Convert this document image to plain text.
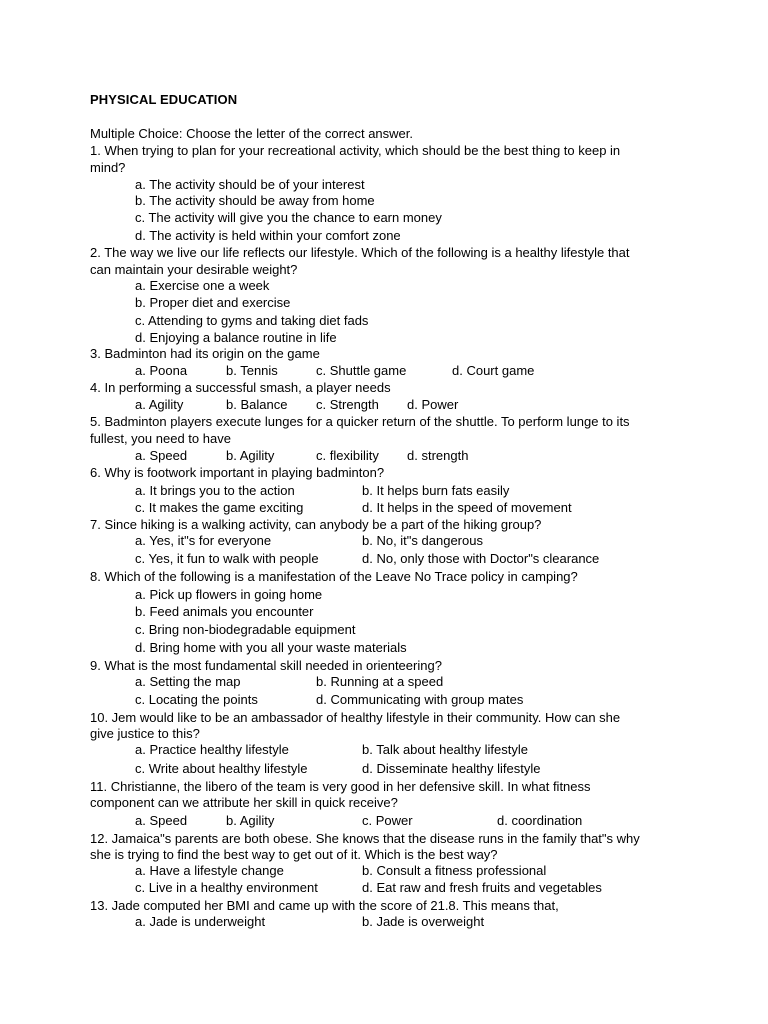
PHYSICAL EDUCATION
Multiple Choice: Choose the letter of the correct answer.
1. When trying to plan for your recreational activity, which should be the best thing to keep in
mind?
a. The activity should be of your interest
b. The activity should be away from home
c. The activity will give you the chance to earn money
d. The activity is held within your comfort zone
2. The way we live our life reflects our lifestyle. Which of the following is a healthy lifestyle that
can maintain your desirable weight?
a. Exercise one a week
b. Proper diet and exercise
c. Attending to gyms and taking diet fads
d. Enjoying a balance routine in life
3. Badminton had its origin on the game
a. Poona	b. Tennis	c. Shuttle game	d. Court game
4. In performing a successful smash, a player needs
a. Agility	b. Balance c. Strength d. Power
5. Badminton players execute lunges for a quicker return of the shuttle. To perform lunge to its
fullest, you need to have
a. Speed	b. Agility	c. flexibility d. strength
6. Why is footwork important in playing badminton?
a. It brings you to the action	b. It helps burn fats easily
c. It makes the game exciting	d. It helps in the speed of movement
7. Since hiking is a walking activity, can anybody be a part of the hiking group?
a. Yes, it"s for everyone	b. No, it"s dangerous
c. Yes, it fun to walk with people	d. No, only those with Doctor"s clearance
8. Which of the following is a manifestation of the Leave No Trace policy in camping?
a. Pick up flowers in going home
b. Feed animals you encounter
c. Bring non-biodegradable equipment
d. Bring home with you all your waste materials
9. What is the most fundamental skill needed in orienteering?
a. Setting the map	b. Running at a speed
c. Locating the points	d. Communicating with group mates
10. Jem would like to be an ambassador of healthy lifestyle in their community. How can she
give justice to this?
a. Practice healthy lifestyle	b. Talk about healthy lifestyle
c. Write about healthy lifestyle	d. Disseminate healthy lifestyle
11. Christianne, the libero of the team is very good in her defensive skill. In what fitness
component can we attribute her skill in quick receive?
a. Speed	b. Agility	c. Power	d. coordination
12. Jamaica"s parents are both obese. She knows that the disease runs in the family that"s why
she is trying to find the best way to get out of it. Which is the best way?
a. Have a lifestyle change	b. Consult a fitness professional
c. Live in a healthy environment	d. Eat raw and fresh fruits and vegetables
13. Jade computed her BMI and came up with the score of 21.8. This means that,
a. Jade is underweight	b. Jade is overweight
